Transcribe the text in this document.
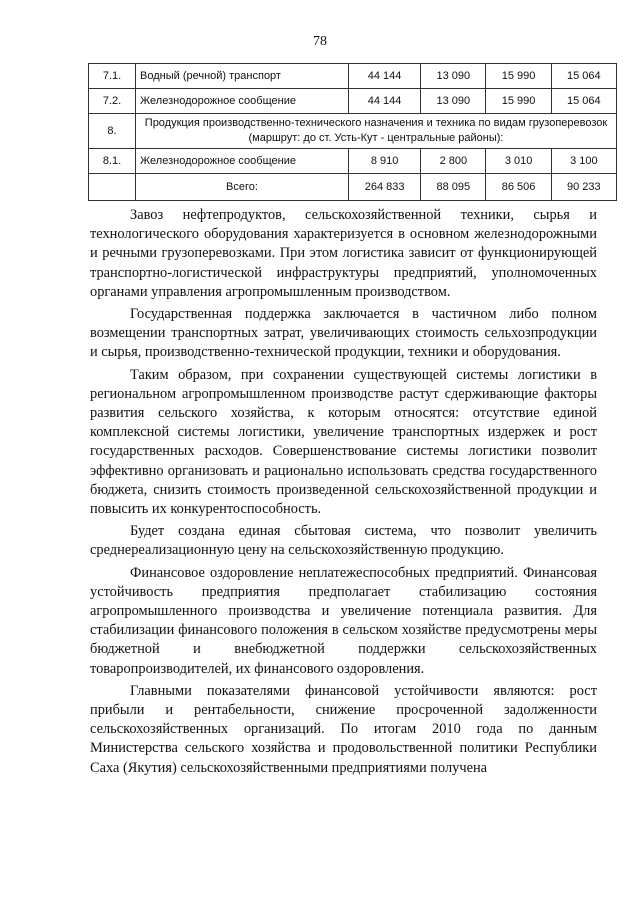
78
7.1.	Водный (речной) транспорт	44 144	13 090	15 990	15 064
7.2.	Железнодорожное сообщение	44 144	13 090	15 990	15 064
8.	Продукция производственно-технического назначения и техника по видам грузоперевозок (маршрут: до ст. Усть-Кут - центральные районы):				
8.1.	Железнодорожное сообщение	8 910	2 800	3 010	3 100
	Всего:	264 833	88 095	86 506	90 233

Завоз нефтепродуктов, сельскохозяйственной техники, сырья и технологического оборудования характеризуется в основном железнодорожными и речными грузоперевозками. При этом логистика зависит от функционирующей транспортно-логистической инфраструктуры предприятий, уполномоченных органами управления агропромышленным производством.

Государственная поддержка заключается в частичном либо полном возмещении транспортных затрат, увеличивающих стоимость сельхозпродукции и сырья, производственно-технической продукции, техники и оборудования.

Таким образом, при сохранении существующей системы логистики в региональном агропромышленном производстве растут сдерживающие факторы развития сельского хозяйства, к которым относятся: отсутствие единой комплексной системы логистики, увеличение транспортных издержек и рост государственных расходов. Совершенствование системы логистики позволит эффективно организовать и рационально использовать средства государственного бюджета, снизить стоимость произведенной сельскохозяйственной продукции и повысить их конкурентоспособность.

Будет создана единая сбытовая система, что позволит увеличить среднереализационную цену на сельскохозяйственную продукцию.

Финансовое оздоровление неплатежеспособных предприятий. Финансовая устойчивость предприятия предполагает стабилизацию состояния агропромышленного производства и увеличение потенциала развития. Для стабилизации финансового положения в сельском хозяйстве предусмотрены меры бюджетной и внебюджетной поддержки сельскохозяйственных товаропроизводителей, их финансового оздоровления.

Главными показателями финансовой устойчивости являются: рост прибыли и рентабельности, снижение просроченной задолженности сельскохозяйственных организаций. По итогам 2010 года по данным Министерства сельского хозяйства и продовольственной политики Республики Саха (Якутия) сельскохозяйственными предприятиями получена
